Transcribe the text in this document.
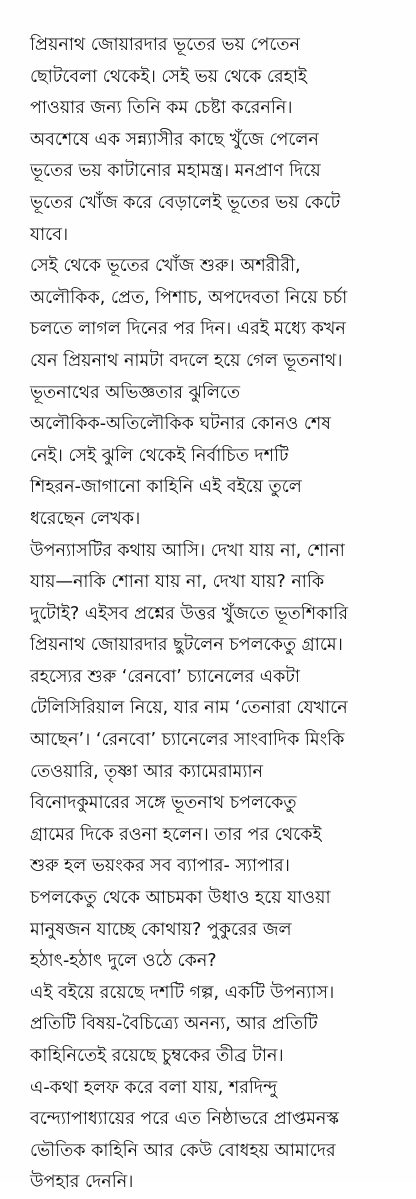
প্রিয়নাথ জোয়ারদার ভূতের ভয় পেতেন
ছোটবেলা থেকেই। সেই ভয় থেকে রেহাই
পাওয়ার জন্য তিনি কম চেষ্টা করেননি।
অবশেষে এক সন্ন্যাসীর কাছে খুঁজে পেলেন
ভূতের ভয় কাটানোর মহামন্ত্র। মনপ্রাণ দিয়ে
ভূতের খোঁজ করে বেড়ালেই ভূতের ভয় কেটে
যাবে।
সেই থেকে ভূতের খোঁজ শুরু। অশরীরী,
অলৌকিক, প্রেত, পিশাচ, অপদেবতা নিয়ে চর্চা
চলতে লাগল দিনের পর দিন। এরই মধ্যে কখন
যেন প্রিয়নাথ নামটা বদলে হয়ে গেল ভূতনাথ।
ভূতনাথের অভিজ্ঞতার ঝুলিতে
অলৌকিক-অতিলৌকিক ঘটনার কোনও শেষ
নেই। সেই ঝুলি থেকেই নির্বাচিত দশটি
শিহরন-জাগানো কাহিনি এই বইয়ে তুলে
ধরেছেন লেখক।
উপন্যাসটির কথায় আসি। দেখা যায় না, শোনা
যায়—নাকি শোনা যায় না, দেখা যায়? নাকি
দুটোই? এইসব প্রশ্নের উত্তর খুঁজতে ভূতশিকারি
প্রিয়নাথ জোয়ারদার ছুটলেন চপলকেতু গ্রামে।
রহস্যের শুরু ‘রেনবো’ চ্যানেলের একটা
টেলিসিরিয়াল নিয়ে, যার নাম ‘তেনারা যেখানে
আছেন’। ‘রেনবো’ চ্যানেলের সাংবাদিক মিংকি
তেওয়ারি, তৃষ্ণা আর ক্যামেরাম্যান
বিনোদকুমারের সঙ্গে ভূতনাথ চপলকেতু
গ্রামের দিকে রওনা হলেন। তার পর থেকেই
শুরু হল ভয়ংকর সব ব্যাপার- স্যাপার।
চপলকেতু থেকে আচমকা উধাও হয়ে যাওয়া
মানুষজন যাচ্ছে কোথায়? পুকুরের জল
হঠাৎ-হঠাৎ দুলে ওঠে কেন?
এই বইয়ে রয়েছে দশটি গল্প, একটি উপন্যাস।
প্রতিটি বিষয়-বৈচিত্র্যে অনন্য, আর প্রতিটি
কাহিনিতেই রয়েছে চুম্বকের তীব্র টান।
এ-কথা হলফ করে বলা যায়, শরদিন্দু
বন্দ্যোপাধ্যায়ের পরে এত নিষ্ঠাভরে প্রাপ্তমনস্ক
ভৌতিক কাহিনি আর কেউ বোধহয় আমাদের
উপহার দেননি।
